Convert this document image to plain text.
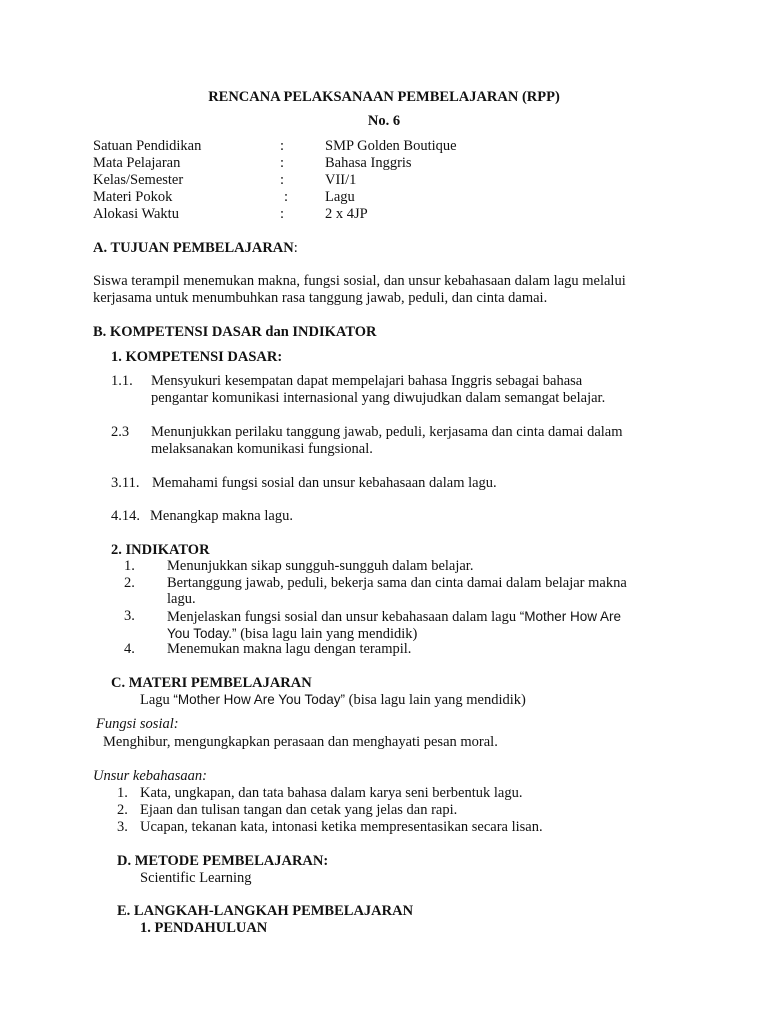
RENCANA PELAKSANAAN PEMBELAJARAN (RPP)
No. 6
Satuan Pendidikan	:	SMP Golden Boutique
Mata Pelajaran	:	Bahasa Inggris
Kelas/Semester	:	VII/1
Materi Pokok	:	Lagu
Alokasi Waktu	:	2 x 4JP
A. TUJUAN PEMBELAJARAN:
Siswa terampil menemukan makna, fungsi sosial, dan unsur kebahasaan dalam lagu melalui
kerjasama untuk menumbuhkan rasa tanggung jawab, peduli, dan cinta damai.
B. KOMPETENSI DASAR dan INDIKATOR
1. KOMPETENSI DASAR:
1.1. Mensyukuri kesempatan dapat mempelajari bahasa Inggris sebagai bahasa
pengantar komunikasi internasional yang diwujudkan dalam semangat belajar.
2.3 Menunjukkan perilaku tanggung jawab, peduli, kerjasama dan cinta damai dalam
melaksanakan komunikasi fungsional.
3.11. Memahami fungsi sosial dan unsur kebahasaan dalam lagu.
4.14. Menangkap makna lagu.
2. INDIKATOR
1. Menunjukkan sikap sungguh-sungguh dalam belajar.
2. Bertanggung jawab, peduli, bekerja sama dan cinta damai dalam belajar makna
lagu.
3. Menjelaskan fungsi sosial dan unsur kebahasaan dalam lagu “Mother How Are
You Today.” (bisa lagu lain yang mendidik)
4. Menemukan makna lagu dengan terampil.
C. MATERI PEMBELAJARAN
Lagu “Mother How Are You Today” (bisa lagu lain yang mendidik)
Fungsi sosial:
Menghibur, mengungkapkan perasaan dan menghayati pesan moral.
Unsur kebahasaan:
1. Kata, ungkapan, dan tata bahasa dalam karya seni berbentuk lagu.
2. Ejaan dan tulisan tangan dan cetak yang jelas dan rapi.
3. Ucapan, tekanan kata, intonasi ketika mempresentasikan secara lisan.
D. METODE PEMBELAJARAN:
Scientific Learning
E. LANGKAH-LANGKAH PEMBELAJARAN
1. PENDAHULUAN
